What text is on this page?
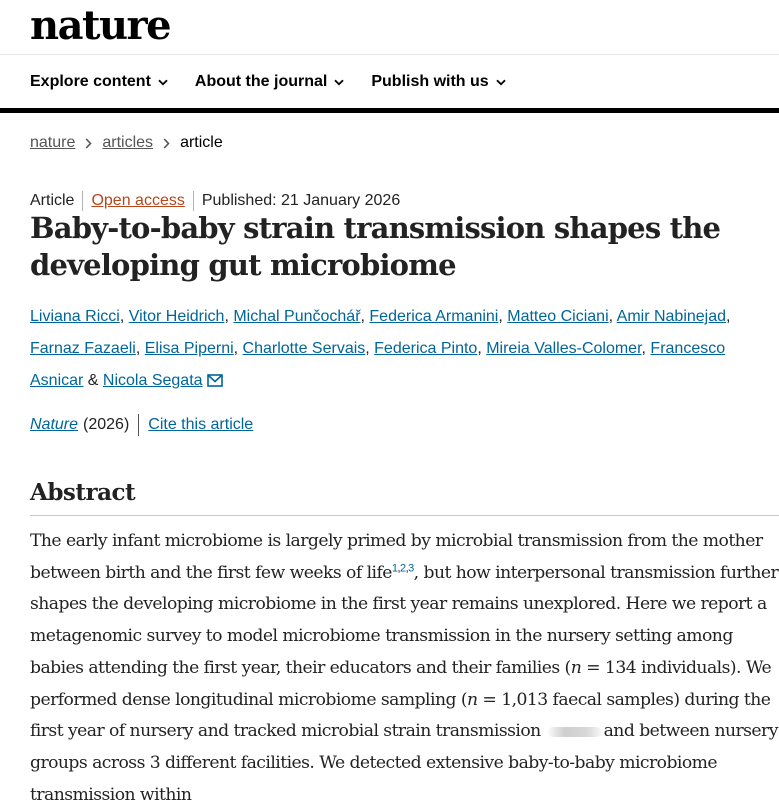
nature
Explore content	About the journal	Publish with us
nature articles article
Article Open access Published: 21 January 2026
Baby-to-baby strain transmission shapes the developing gut microbiome
Liviana Ricci, Vitor Heidrich, Michal Punčochář, Federica Armanini, Matteo Ciciani, Amir Nabinejad, Farnaz Fazaeli, Elisa Piperni, Charlotte Servais, Federica Pinto, Mireia Valles-Colomer, Francesco Asnicar & Nicola Segata
Nature (2026) Cite this article
Abstract

The early infant microbiome is largely primed by microbial transmission from the mother between birth and the first few weeks of life$^{1,2,3}$, but how interpersonal transmission further shapes the developing microbiome in the first year remains unexplored. Here we report a metagenomic survey to model microbiome transmission in the nursery setting among babies attending the first year, their educators and their families (n = 134 individuals). We performed dense longitudinal microbiome sampling (n = 1,013 faecal samples) during the first year of nursery and tracked microbial strain transmission	and between nursery groups across 3 different facilities. We detected extensive baby-to-baby microbiome transmission within
